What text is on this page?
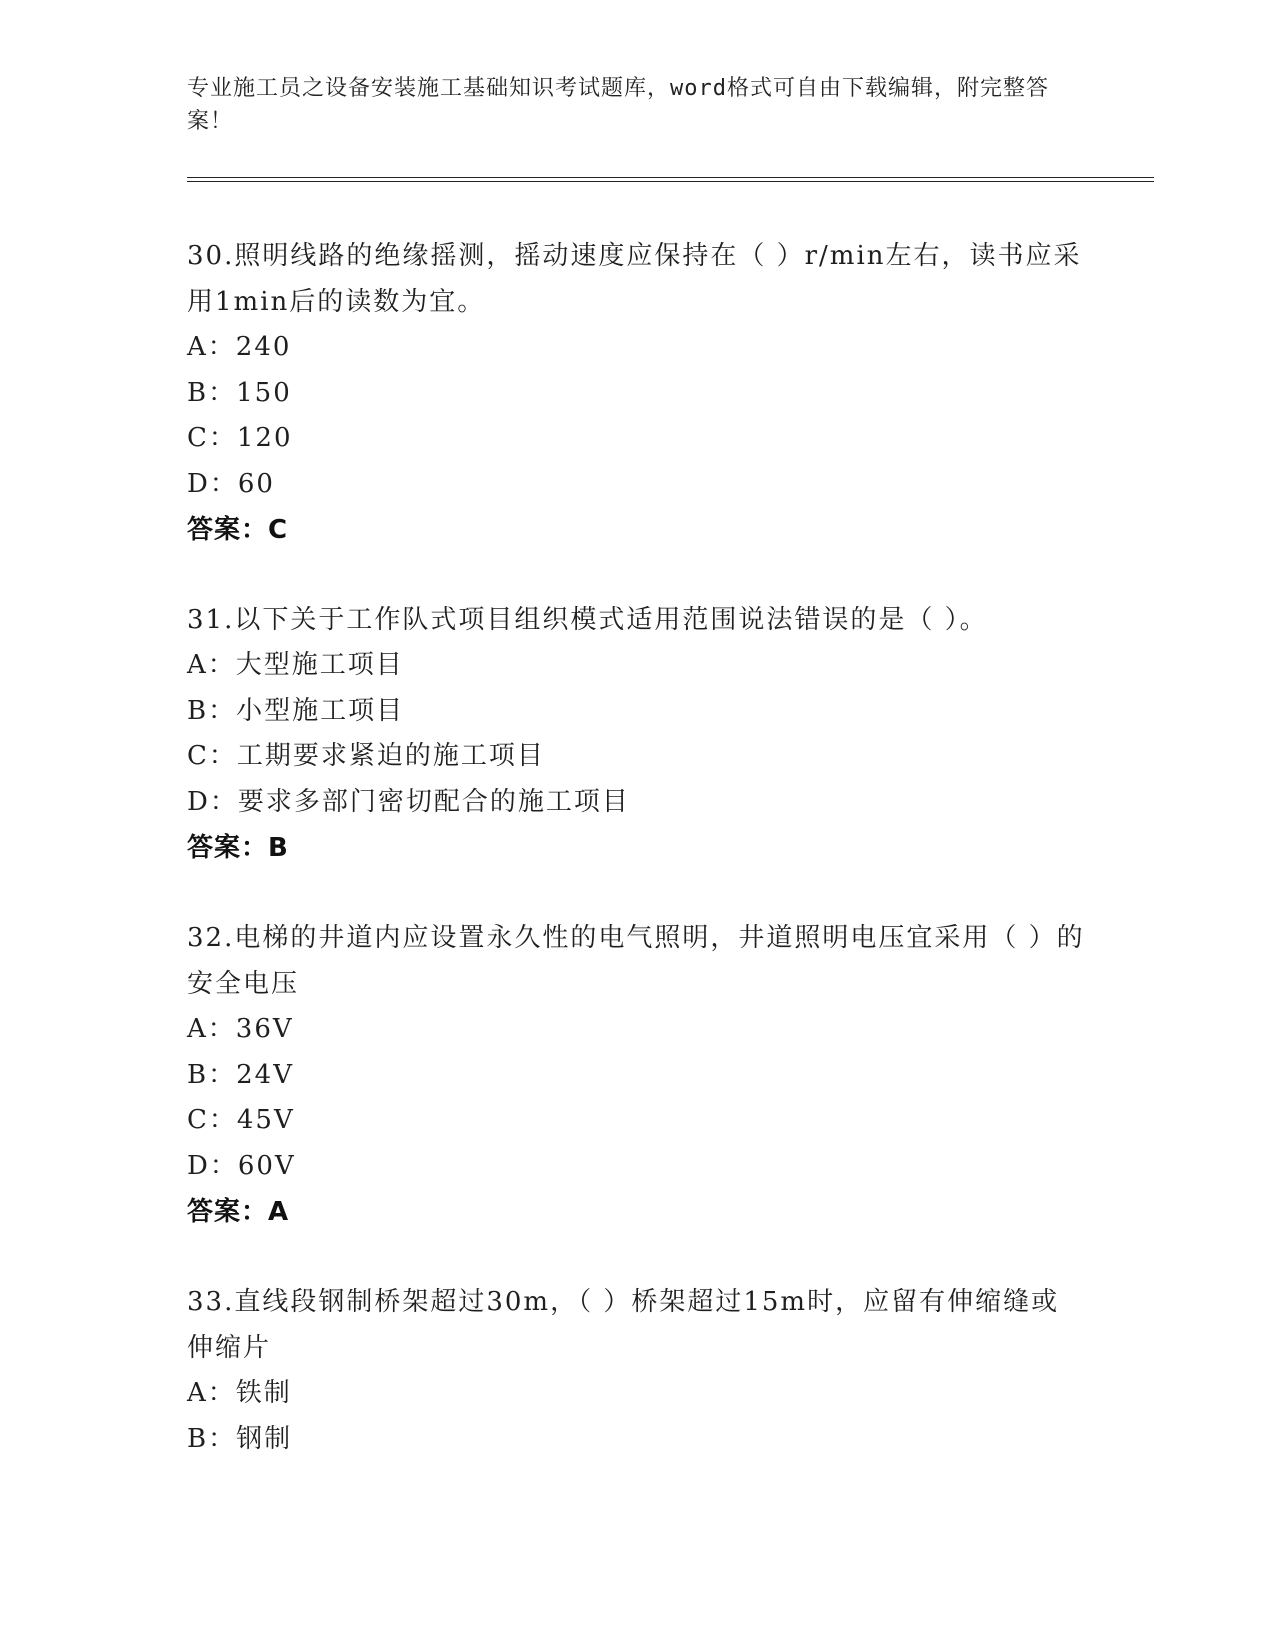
专业施工员之设备安装施工基础知识考试题库，word格式可自由下载编辑，附完整答案！
30.照明线路的绝缘摇测，摇动速度应保持在（ ）r/min左右，读书应采用1min后的读数为宜。
A：240
B：150
C：120
D：60
答案：C
31.以下关于工作队式项目组织模式适用范围说法错误的是（ ）。
A：大型施工项目
B：小型施工项目
C：工期要求紧迫的施工项目
D：要求多部门密切配合的施工项目
答案：B
32.电梯的井道内应设置永久性的电气照明，井道照明电压宜采用（ ）的安全电压
A：36V
B：24V
C：45V
D：60V
答案：A
33.直线段钢制桥架超过30m，（ ）桥架超过15m时，应留有伸缩缝或伸缩片
A：铁制
B：钢制
